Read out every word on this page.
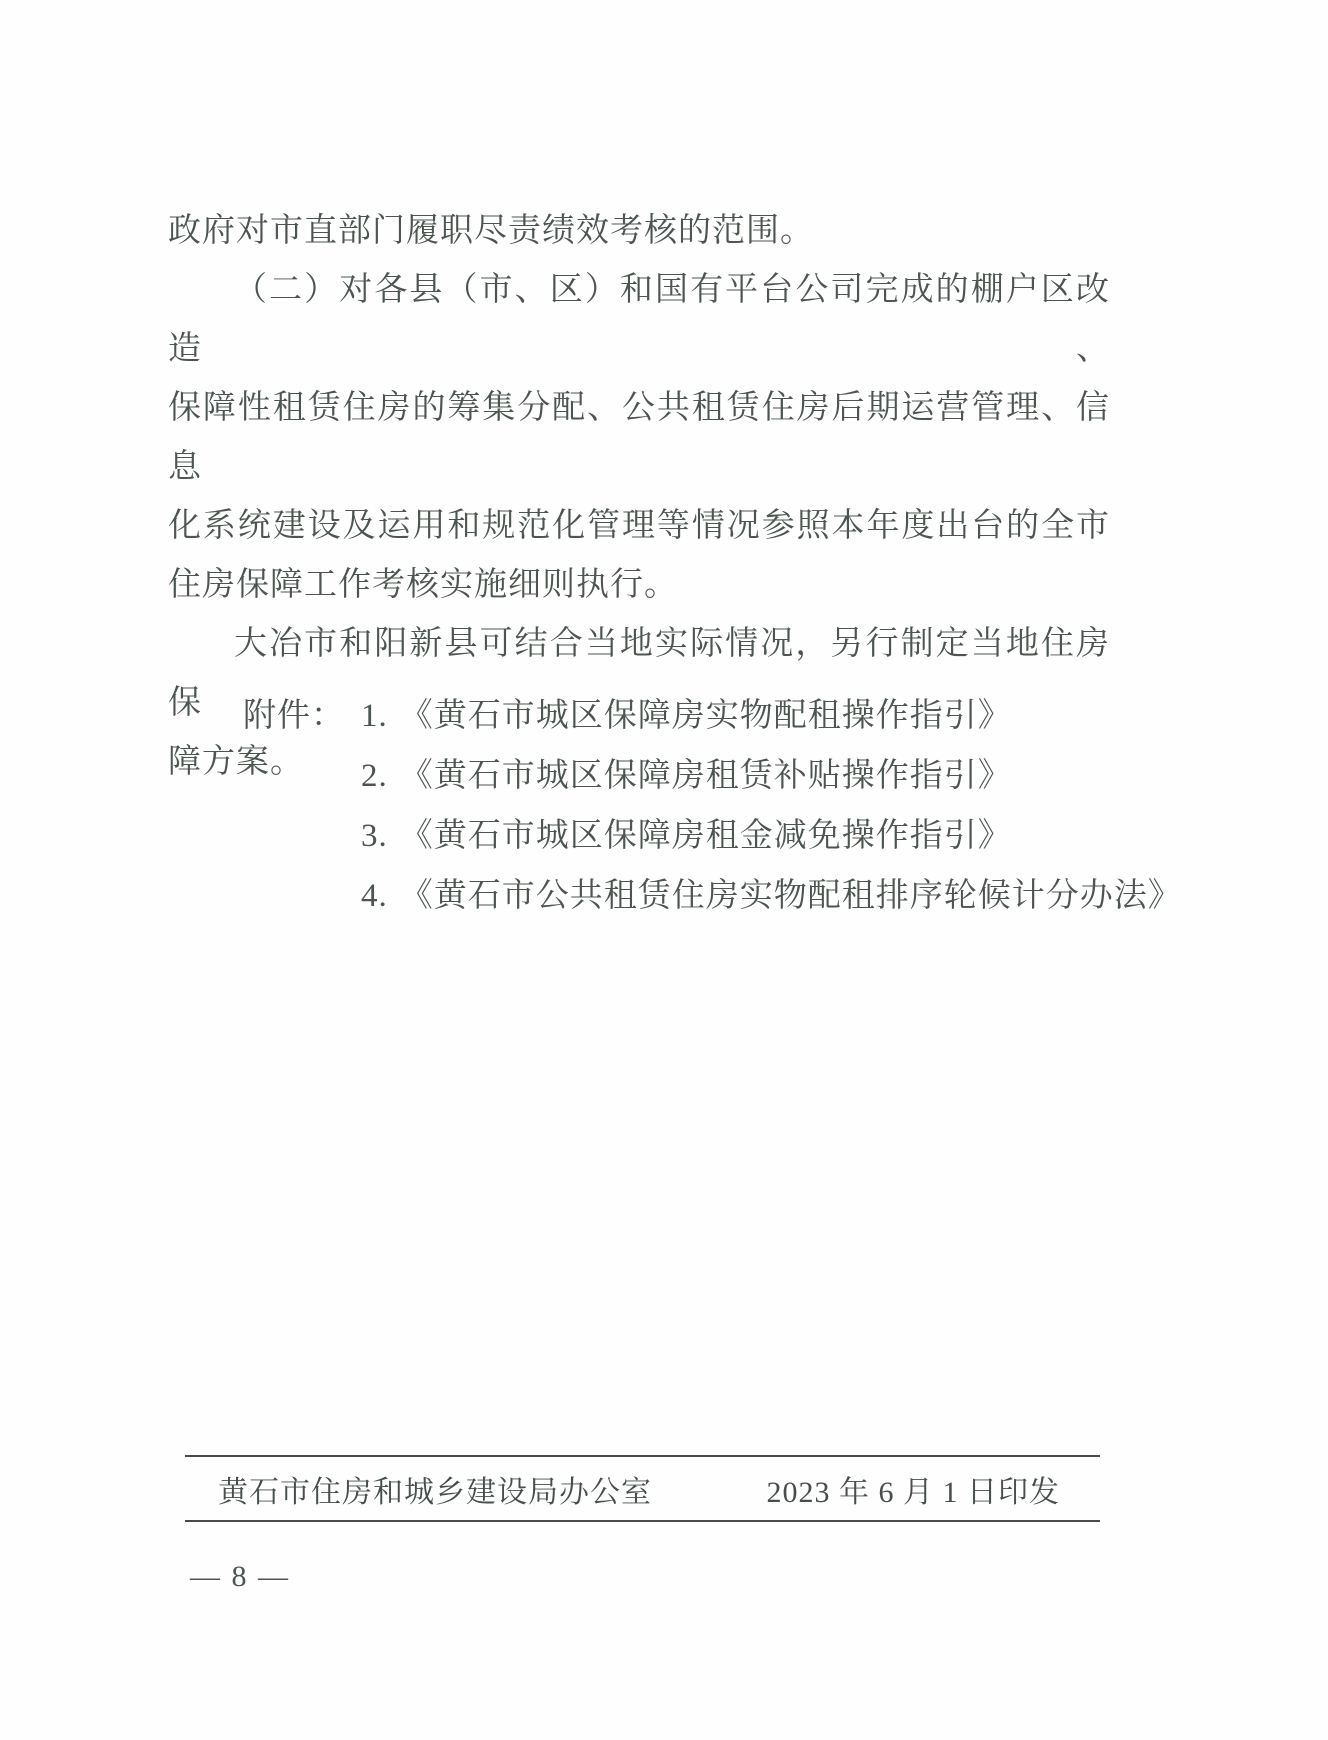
政府对市直部门履职尽责绩效考核的范围。
（二）对各县（市、区）和国有平台公司完成的棚户区改造、
保障性租赁住房的筹集分配、公共租赁住房后期运营管理、信息
化系统建设及运用和规范化管理等情况参照本年度出台的全市
住房保障工作考核实施细则执行。
大冶市和阳新县可结合当地实际情况，另行制定当地住房保
障方案。
附件： 1. 《黄石市城区保障房实物配租操作指引》
2. 《黄石市城区保障房租赁补贴操作指引》
3. 《黄石市城区保障房租金减免操作指引》
4. 《黄石市公共租赁住房实物配租排序轮候计分办法》
黄石市住房和城乡建设局办公室	2023 年 6 月 1 日印发
— 8 —
